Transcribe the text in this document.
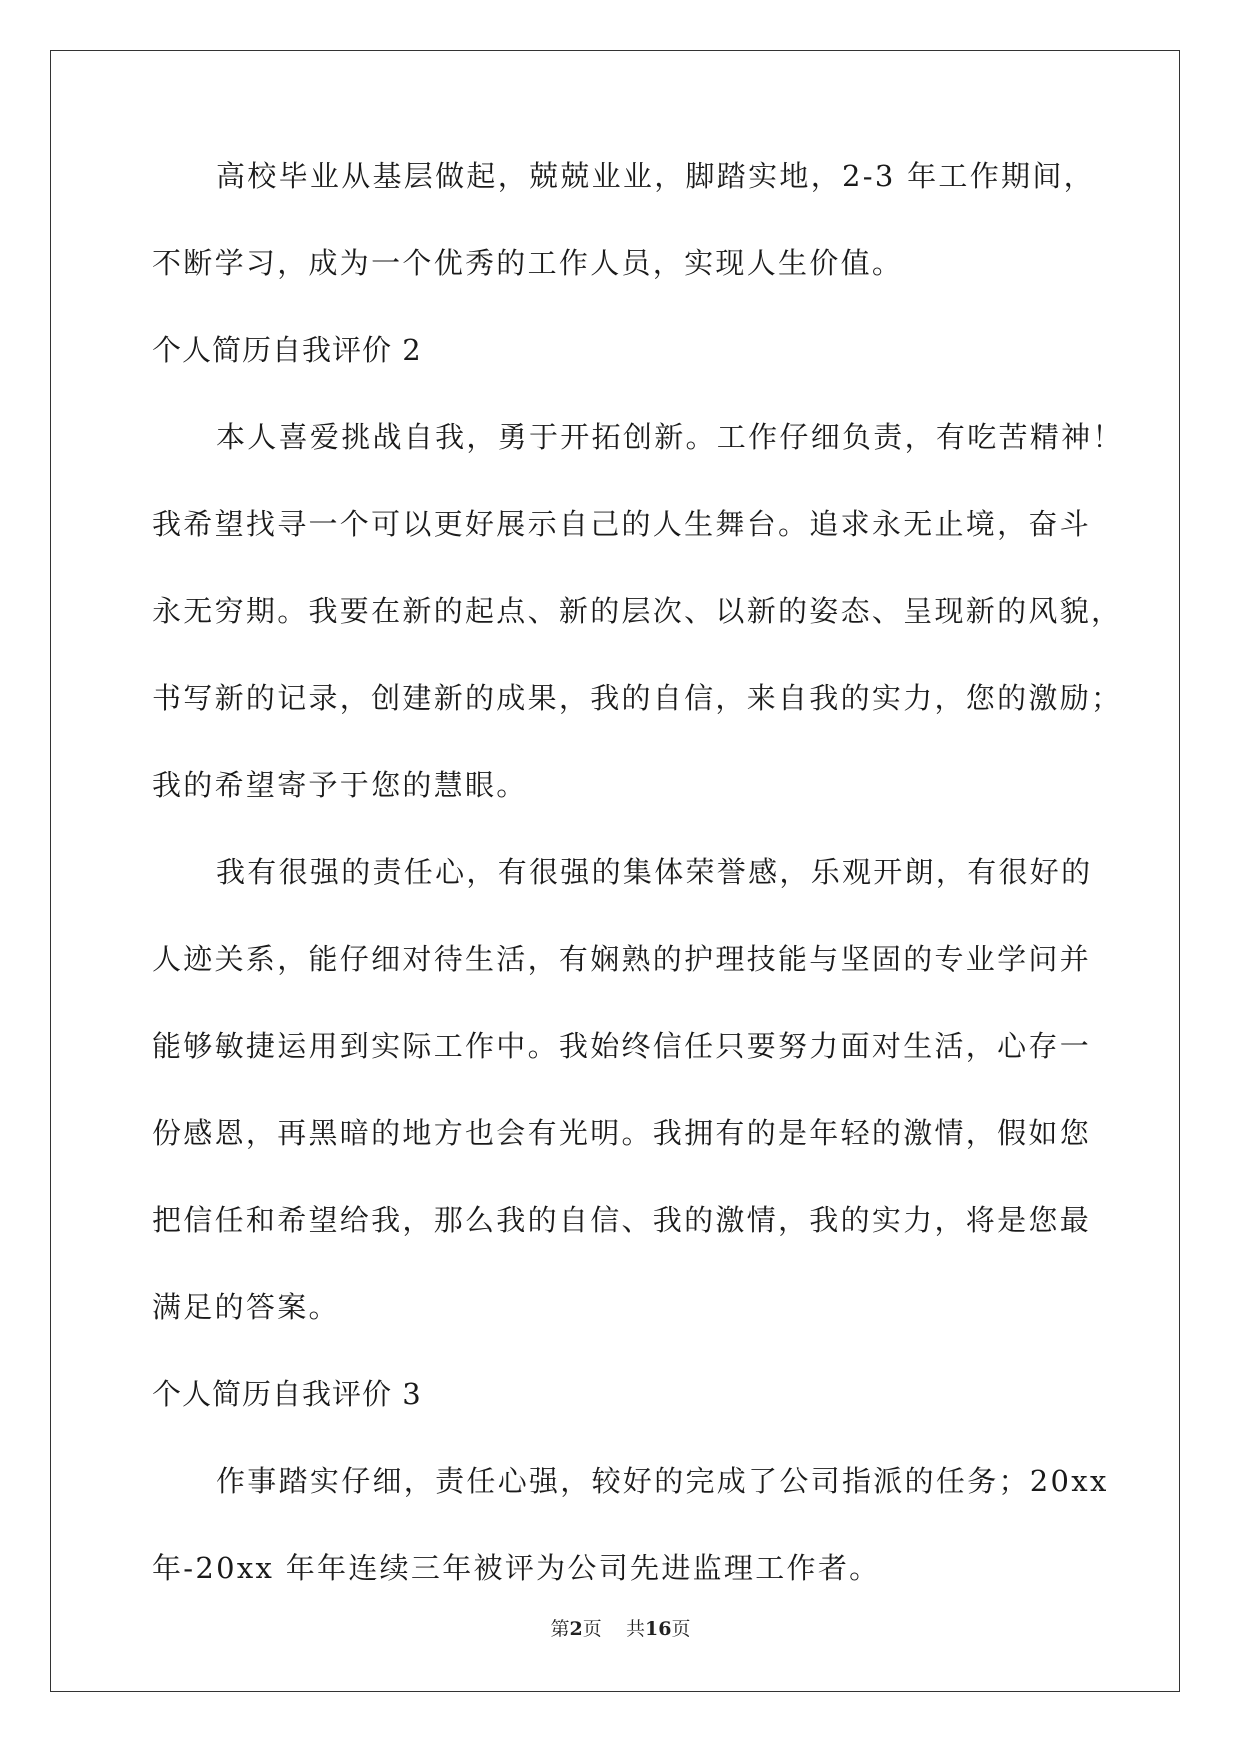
高校毕业从基层做起，兢兢业业，脚踏实地，2-3 年工作期间，
不断学习，成为一个优秀的工作人员，实现人生价值。
个人简历自我评价 2
本人喜爱挑战自我，勇于开拓创新。工作仔细负责，有吃苦精神！
我希望找寻一个可以更好展示自己的人生舞台。追求永无止境，奋斗
永无穷期。我要在新的起点、新的层次、以新的姿态、呈现新的风貌，
书写新的记录，创建新的成果，我的自信，来自我的实力，您的激励；
我的希望寄予于您的慧眼。
我有很强的责任心，有很强的集体荣誉感，乐观开朗，有很好的
人迹关系，能仔细对待生活，有娴熟的护理技能与坚固的专业学问并
能够敏捷运用到实际工作中。我始终信任只要努力面对生活，心存一
份感恩，再黑暗的地方也会有光明。我拥有的是年轻的激情，假如您
把信任和希望给我，那么我的自信、我的激情，我的实力，将是您最
满足的答案。
个人简历自我评价 3
作事踏实仔细，责任心强，较好的完成了公司指派的任务；20xx
年-20xx 年年连续三年被评为公司先进监理工作者。
第2页 共16页
